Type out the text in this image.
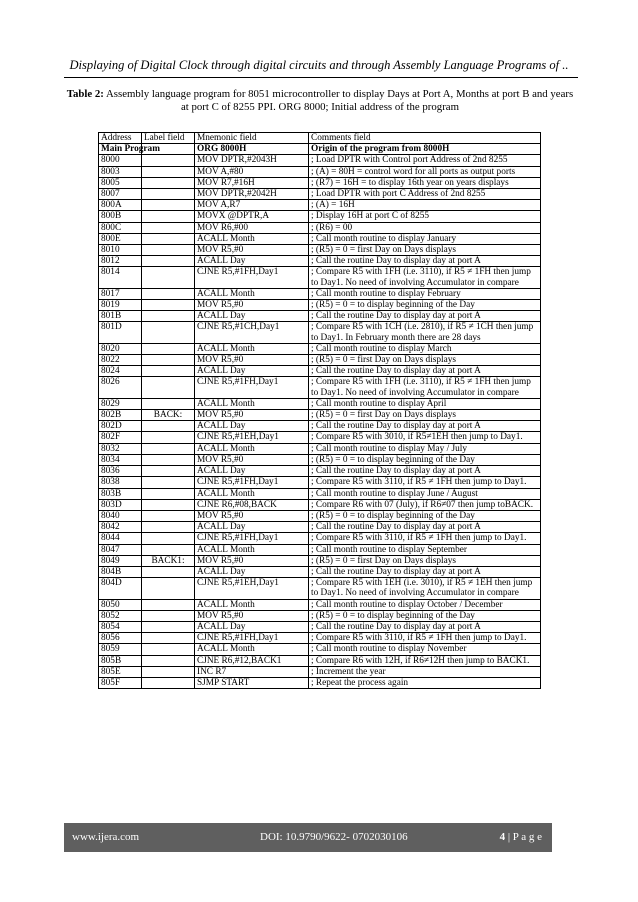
Displaying of Digital Clock through digital circuits and through Assembly Language Programs of ..
Table 2: Assembly language program for 8051 microcontroller to display Days at Port A, Months at port B and years at port C of 8255 PPI. ORG 8000; Initial address of the program
Address	Label field	Mnemonic field	Comments field
Main Program		ORG 8000H	Origin of the program from 8000H
8000		MOV DPTR,#2043H	; Load DPTR with Control port Address of 2nd 8255
8003		MOV A,#80	; (A) = 80H = control word for all ports as output ports
8005		MOV R7,#16H	; (R7) = 16H = to display 16th year on years displays
8007		MOV DPTR,#2042H	; Load DPTR with port C Address of 2nd 8255
800A		MOV A,R7	; (A) = 16H
800B		MOVX @DPTR,A	; Display 16H at port C of 8255
800C		MOV R6,#00	; (R6) = 00
800E		ACALL Month	; Call month routine to display January
8010		MOV R5,#0	; (R5) = 0 = first Day on Days displays
8012		ACALL Day	; Call the routine Day to display day at port A
8014		CJNE R5,#1FH,Day1	; Compare R5 with 1FH (i.e. 3110), if R5 ≠ 1FH then jump to Day1. No need of involving Accumulator in compare
8017		ACALL Month	; Call month routine to display February
8019		MOV R5,#0	; (R5) = 0 = to display beginning of the Day
801B		ACALL Day	; Call the routine Day to display day at port A
801D		CJNE R5,#1CH,Day1	; Compare R5 with 1CH (i.e. 2810), if R5 ≠ 1CH then jump to Day1. In February month there are 28 days
8020		ACALL Month	; Call month routine to display March
8022		MOV R5,#0	; (R5) = 0 = first Day on Days displays
8024		ACALL Day	; Call the routine Day to display day at port A
8026		CJNE R5,#1FH,Day1	; Compare R5 with 1FH (i.e. 3110), if R5 ≠ 1FH then jump to Day1. No need of involving Accumulator in compare
8029		ACALL Month	; Call month routine to display April
802B	BACK:	MOV R5,#0	; (R5) = 0 = first Day on Days displays
802D		ACALL Day	; Call the routine Day to display day at port A
802F		CJNE R5,#1EH,Day1	; Compare R5 with 3010, if R5≠1EH then jump to Day1.
8032		ACALL Month	; Call month routine to display May / July
8034		MOV R5,#0	; (R5) = 0 = to display beginning of the Day
8036		ACALL Day	; Call the routine Day to display day at port A
8038		CJNE R5,#1FH,Day1	; Compare R5 with 3110, if R5 ≠ 1FH then jump to Day1.
803B		ACALL Month	; Call month routine to display June / August
803D		CJNE R6,#08,BACK	; Compare R6 with 07 (July), if R6≠07 then jump toBACK.
8040		MOV R5,#0	; (R5) = 0 = to display beginning of the Day
8042		ACALL Day	; Call the routine Day to display day at port A
8044		CJNE R5,#1FH,Day1	; Compare R5 with 3110, if R5 ≠ 1FH then jump to Day1.
8047		ACALL Month	; Call month routine to display September
8049	BACK1:	MOV R5,#0	; (R5) = 0 = first Day on Days displays
804B		ACALL Day	; Call the routine Day to display day at port A
804D		CJNE R5,#1EH,Day1	; Compare R5 with 1EH (i.e. 3010), if R5 ≠ 1EH then jump to Day1. No need of involving Accumulator in compare
8050		ACALL Month	; Call month routine to display October / December
8052		MOV R5,#0	; (R5) = 0 = to display beginning of the Day
8054		ACALL Day	; Call the routine Day to display day at port A
8056		CJNE R5,#1FH,Day1	; Compare R5 with 3110, if R5 ≠ 1FH then jump to Day1.
8059		ACALL Month	; Call month routine to display November
805B		CJNE R6,#12,BACK1	; Compare R6 with 12H, if R6≠12H then jump to BACK1.
805E		INC R7	; Increment the year
805F		SJMP START	; Repeat the process again
www.ijera.com	DOI: 10.9790/9622- 0702030106	4 | P a g e
